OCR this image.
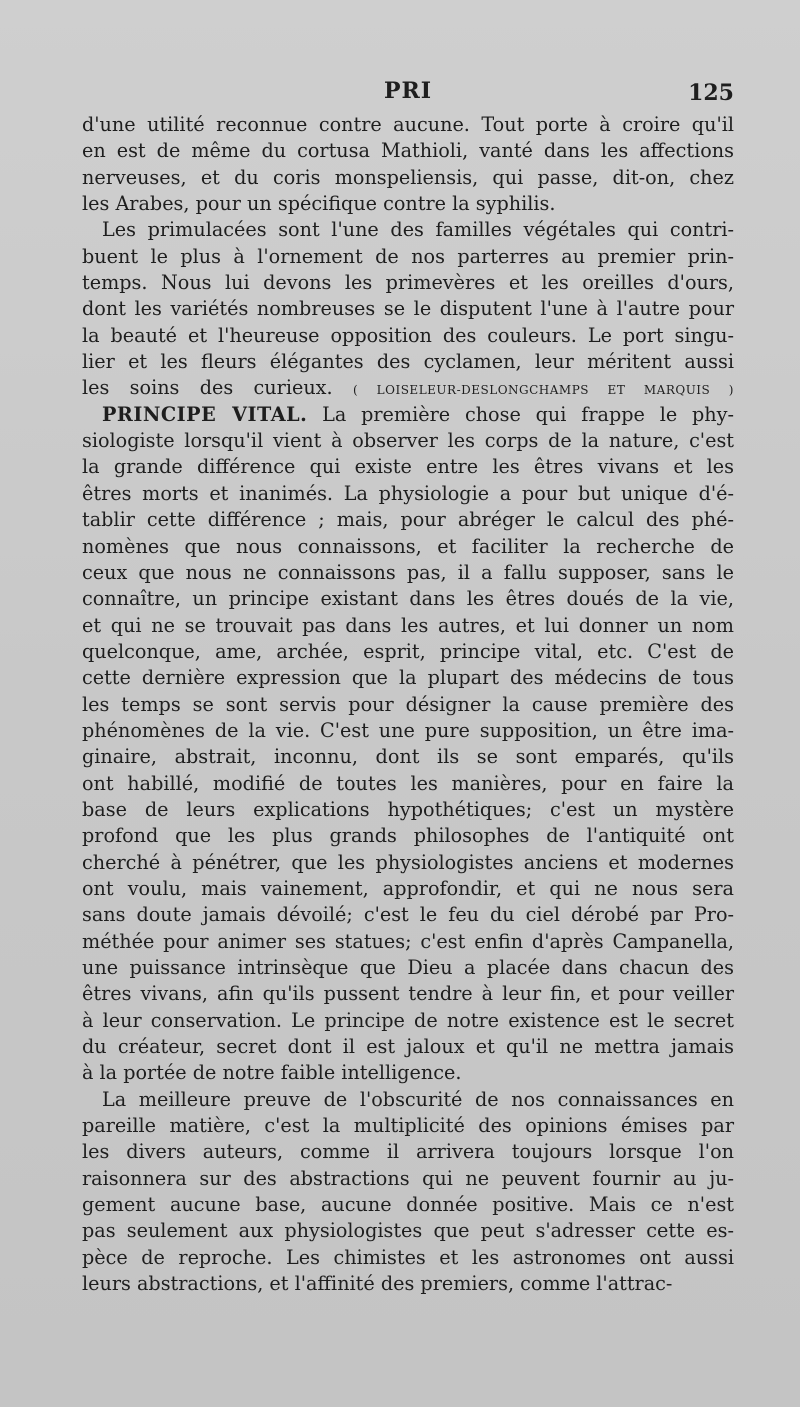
PRI	125
d'une utilité reconnue contre aucune. Tout porte à croire qu'il
en est de même du cortusa Mathioli, vanté dans les affections
nerveuses, et du coris monspeliensis, qui passe, dit-on, chez
les Arabes, pour un spécifique contre la syphilis.
Les primulacées sont l'une des familles végétales qui contri-
buent le plus à l'ornement de nos parterres au premier prin-
temps. Nous lui devons les primevères et les oreilles d'ours,
dont les variétés nombreuses se le disputent l'une à l'autre pour
la beauté et l'heureuse opposition des couleurs. Le port singu-
lier et les fleurs élégantes des cyclamen, leur méritent aussi
les soins des curieux. ( LOISELEUR-DESLONGCHAMPS ET MARQUIS )
PRINCIPE VITAL. La première chose qui frappe le phy-
siologiste lorsqu'il vient à observer les corps de la nature, c'est
la grande différence qui existe entre les êtres vivans et les
êtres morts et inanimés. La physiologie a pour but unique d'é-
tablir cette différence ; mais, pour abréger le calcul des phé-
nomènes que nous connaissons, et faciliter la recherche de
ceux que nous ne connaissons pas, il a fallu supposer, sans le
connaître, un principe existant dans les êtres doués de la vie,
et qui ne se trouvait pas dans les autres, et lui donner un nom
quelconque, ame, archée, esprit, principe vital, etc. C'est de
cette dernière expression que la plupart des médecins de tous
les temps se sont servis pour désigner la cause première des
phénomènes de la vie. C'est une pure supposition, un être ima-
ginaire, abstrait, inconnu, dont ils se sont emparés, qu'ils
ont habillé, modifié de toutes les manières, pour en faire la
base de leurs explications hypothétiques; c'est un mystère
profond que les plus grands philosophes de l'antiquité ont
cherché à pénétrer, que les physiologistes anciens et modernes
ont voulu, mais vainement, approfondir, et qui ne nous sera
sans doute jamais dévoilé; c'est le feu du ciel dérobé par Pro-
méthée pour animer ses statues; c'est enfin d'après Campanella,
une puissance intrinsèque que Dieu a placée dans chacun des
êtres vivans, afin qu'ils pussent tendre à leur fin, et pour veiller
à leur conservation. Le principe de notre existence est le secret
du créateur, secret dont il est jaloux et qu'il ne mettra jamais
à la portée de notre faible intelligence.
La meilleure preuve de l'obscurité de nos connaissances en
pareille matière, c'est la multiplicité des opinions émises par
les divers auteurs, comme il arrivera toujours lorsque l'on
raisonnera sur des abstractions qui ne peuvent fournir au ju-
gement aucune base, aucune donnée positive. Mais ce n'est
pas seulement aux physiologistes que peut s'adresser cette es-
pèce de reproche. Les chimistes et les astronomes ont aussi
leurs abstractions, et l'affinité des premiers, comme l'attrac-
